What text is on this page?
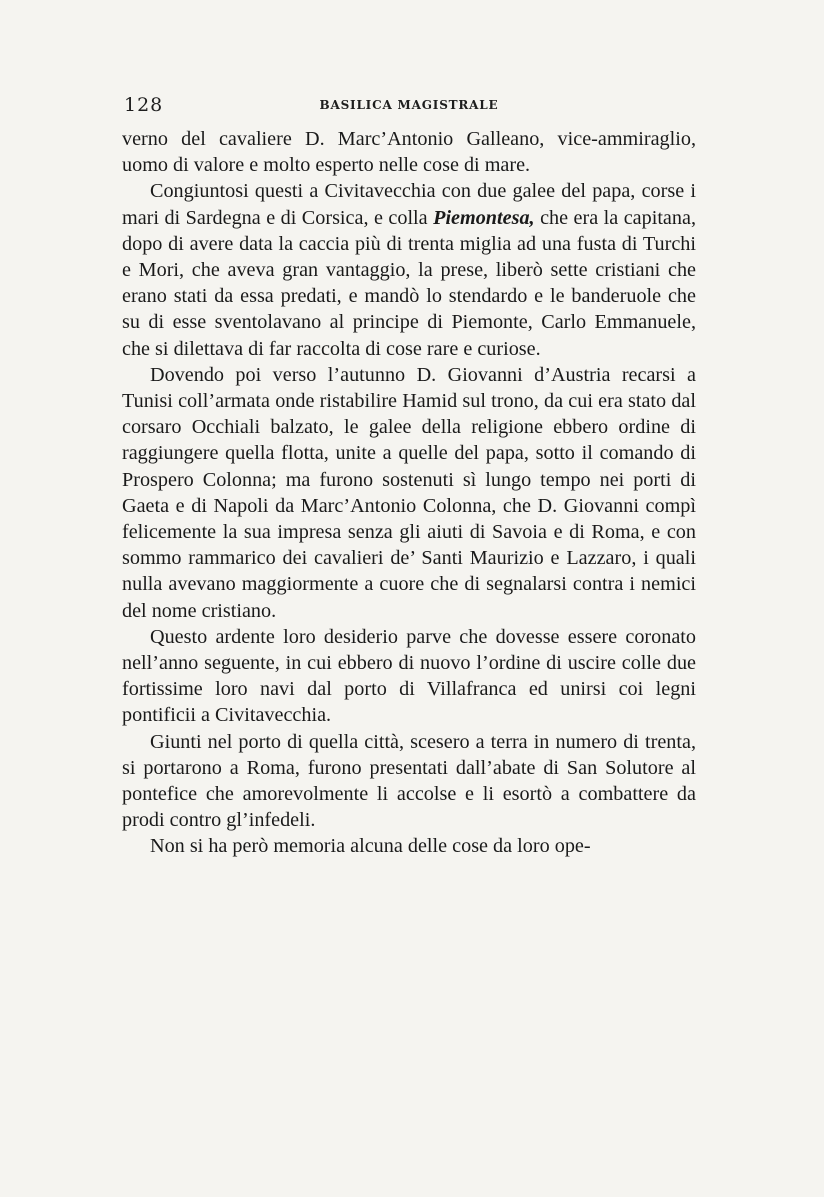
128	BASILICA MAGISTRALE

verno del cavaliere D. Marc’Antonio Galleano, vice-ammiraglio, uomo di valore e molto esperto nelle cose di mare.

Congiuntosi questi a Civitavecchia con due galee del papa, corse i mari di Sardegna e di Corsica, e colla Piemontesa, che era la capitana, dopo di avere data la caccia più di trenta miglia ad una fusta di Turchi e Mori, che aveva gran vantaggio, la prese, liberò sette cristiani che erano stati da essa predati, e mandò lo stendardo e le banderuole che su di esse sventolavano al principe di Piemonte, Carlo Emmanuele, che si dilettava di far raccolta di cose rare e curiose.

Dovendo poi verso l’autunno D. Giovanni d’Austria recarsi a Tunisi coll’armata onde ristabilire Hamid sul trono, da cui era stato dal corsaro Occhiali balzato, le galee della religione ebbero ordine di raggiungere quella flotta, unite a quelle del papa, sotto il comando di Prospero Colonna; ma furono sostenuti sì lungo tempo nei porti di Gaeta e di Napoli da Marc’Antonio Colonna, che D. Giovanni compì felicemente la sua impresa senza gli aiuti di Savoia e di Roma, e con sommo rammarico dei cavalieri de’ Santi Maurizio e Lazzaro, i quali nulla avevano maggiormente a cuore che di segnalarsi contra i nemici del nome cristiano.

Questo ardente loro desiderio parve che dovesse essere coronato nell’anno seguente, in cui ebbero di nuovo l’ordine di uscire colle due fortissime loro navi dal porto di Villafranca ed unirsi coi legni pontificii a Civitavecchia.

Giunti nel porto di quella città, scesero a terra in numero di trenta, si portarono a Roma, furono presentati dall’abate di San Solutore al pontefice che amorevolmente li accolse e li esortò a combattere da prodi contro gl’infedeli.

Non si ha però memoria alcuna delle cose da loro ope-
